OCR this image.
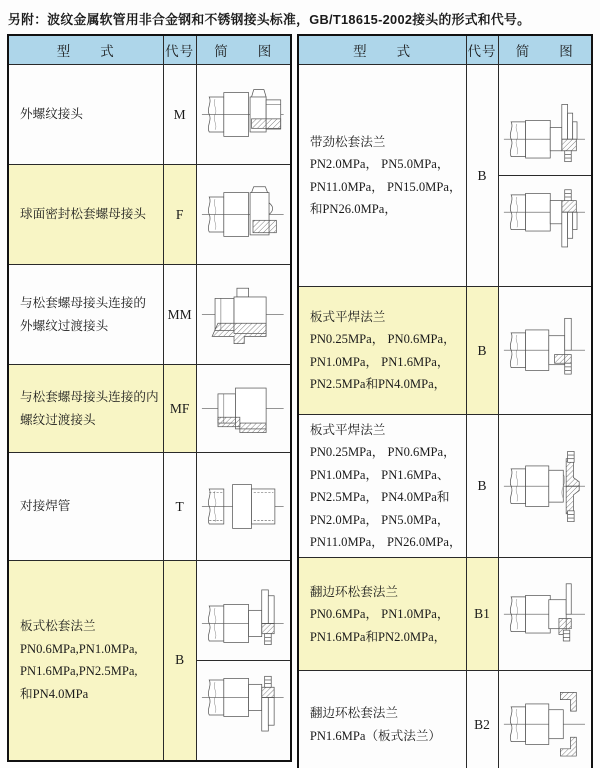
另附：波纹金属软管用非合金钢和不锈钢接头标准，GB/T18615-2002接头的形式和代号。
型　　式	代号	简　　图

外螺纹接头	M	

球面密封松套螺母接头	F	

与松套螺母接头连接的
外螺纹过渡接头	MM	

与松套螺母接头连接的内
螺纹过渡接头	MF	

对接焊管	T	

板式松套法兰
PN0.6MPa,PN1.0MPa,
PN1.6MPa,PN2.5MPa,
和PN4.0MPa	B	
型　　式	代号	简　　图

带劲松套法兰
PN2.0MPa， PN5.0MPa，
PN11.0MPa， PN15.0MPa，
和PN26.0MPa，	B	

板式平焊法兰
PN0.25MPa， PN0.6MPa，
PN1.0MPa， PN1.6MPa，
PN2.5MPa和PN4.0MPa，	B	

板式平焊法兰
PN0.25MPa， PN0.6MPa，
PN1.0MPa， PN1.6MPa、
PN2.5MPa， PN4.0MPa和
PN2.0MPa， PN5.0MPa，
PN11.0MPa， PN26.0MPa，
	B	

翻边环松套法兰
PN0.6MPa， PN1.0MPa，
PN1.6MPa和PN2.0MPa，	B1	

翻边环松套法兰
PN1.6MPa（板式法兰）	B2	
